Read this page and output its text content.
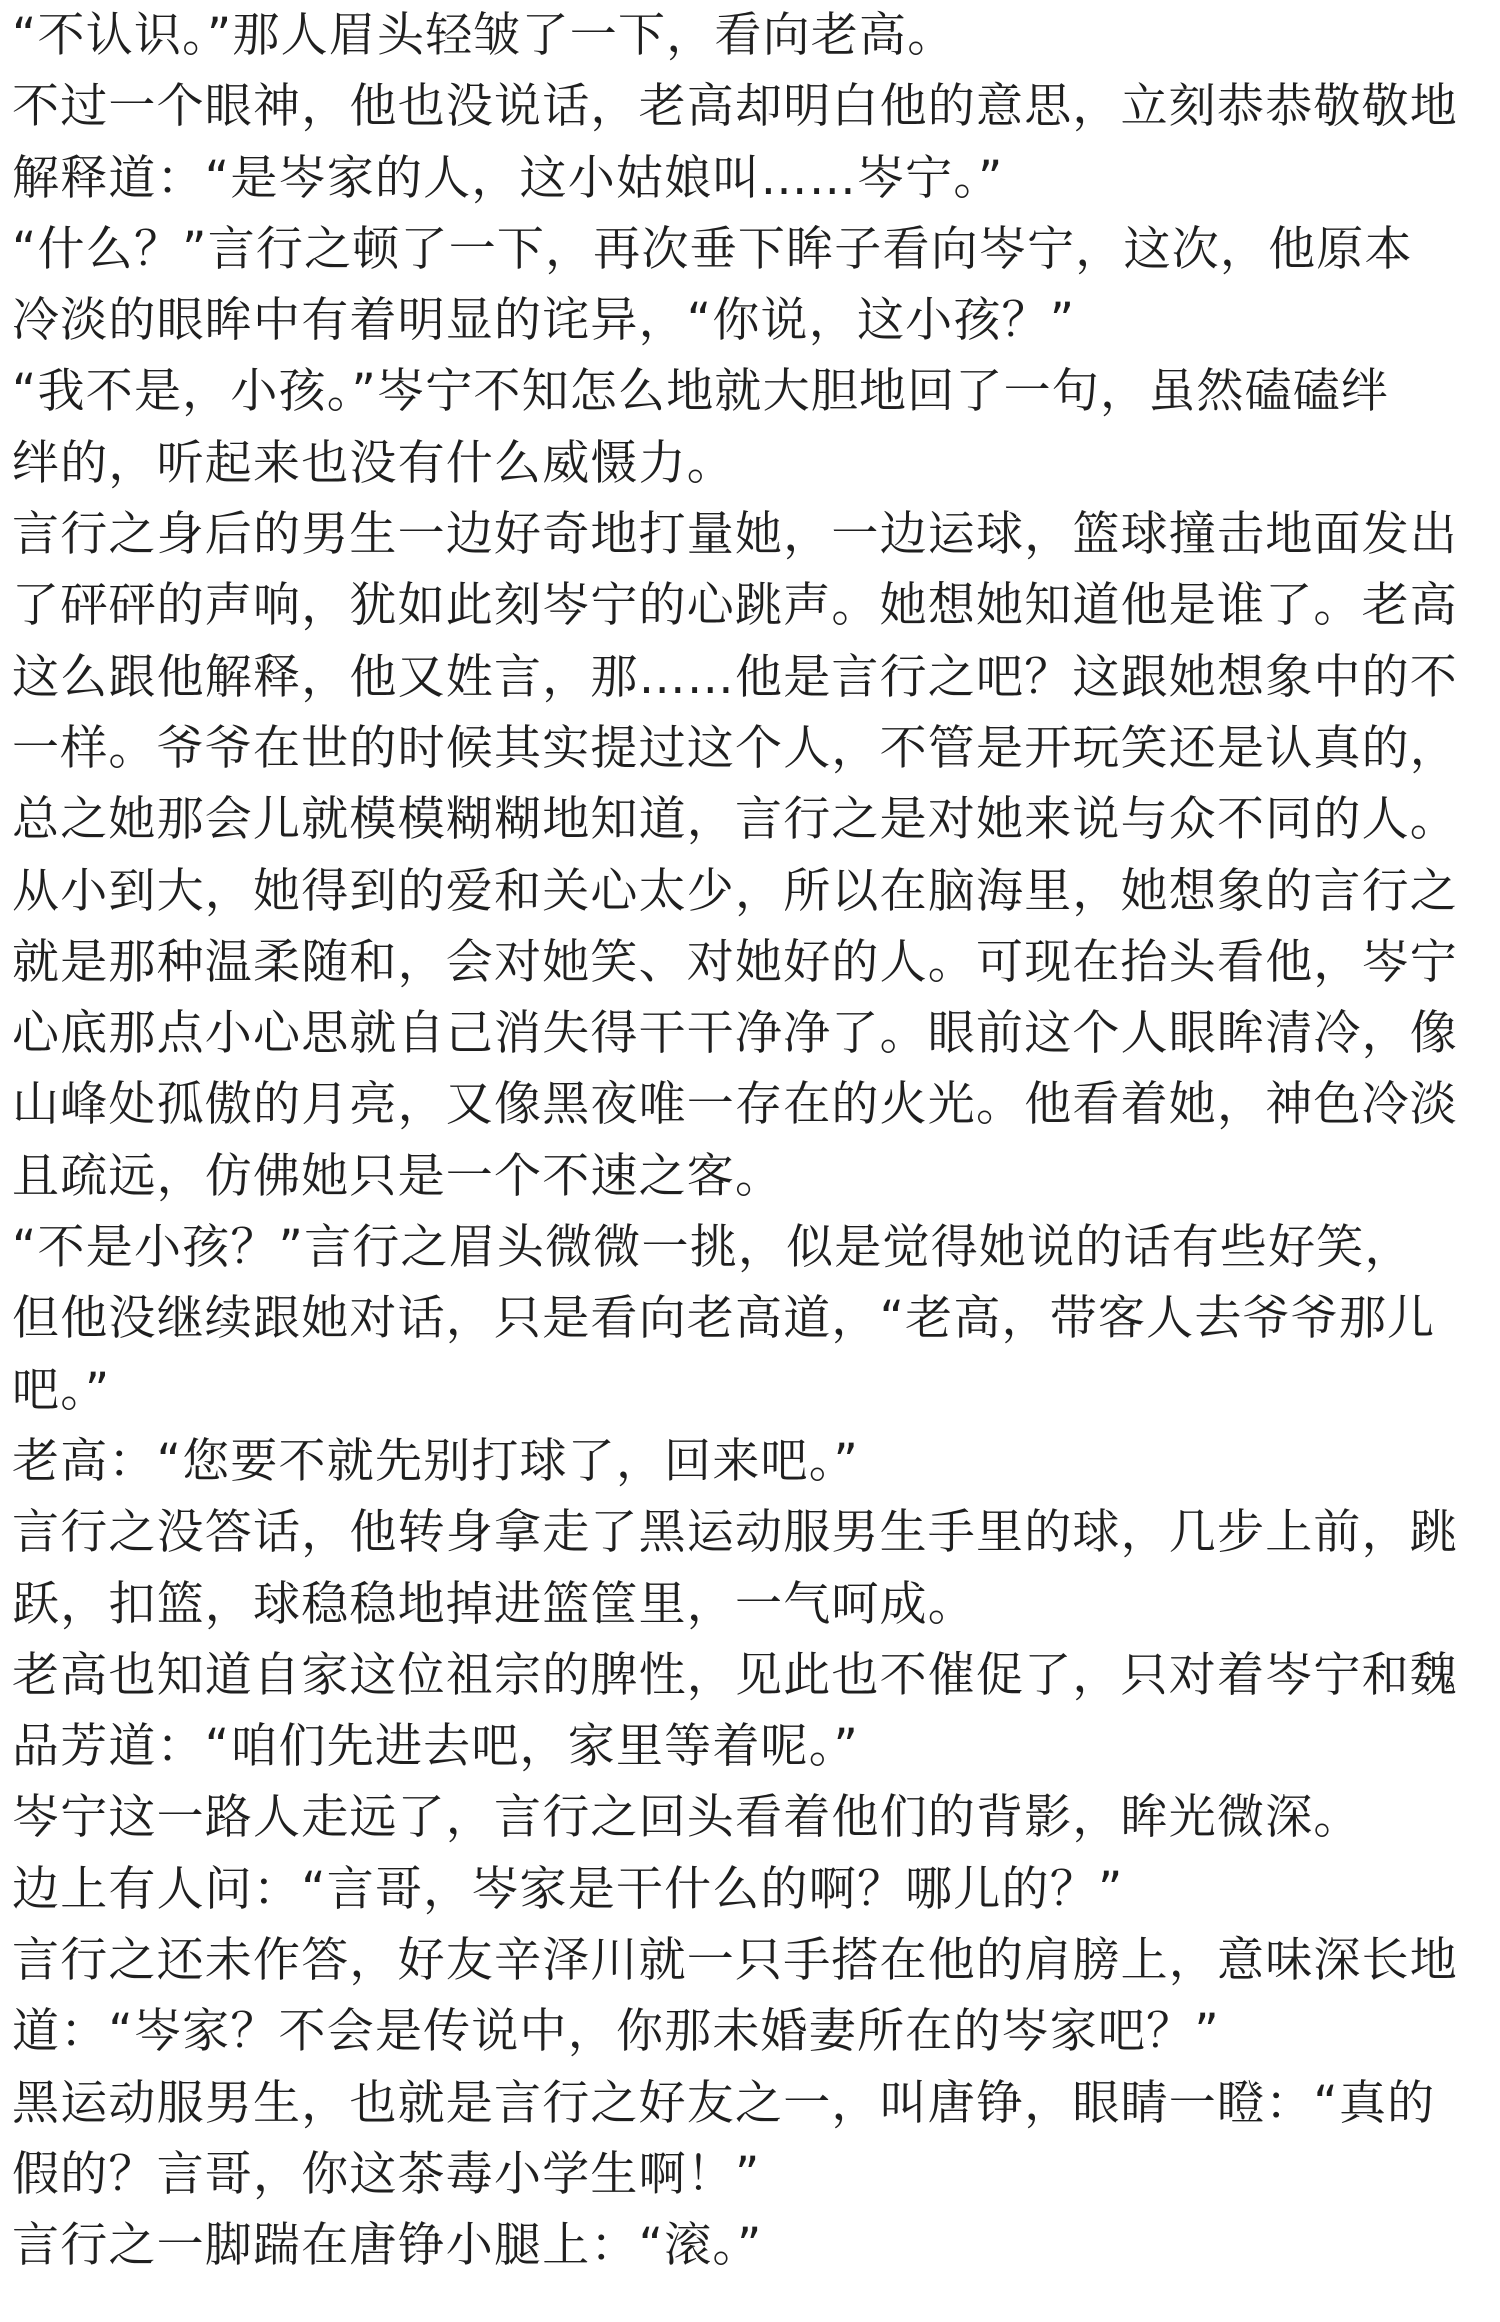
“不认识。”那人眉头轻皱了一下，看向老高。
不过一个眼神，他也没说话，老高却明白他的意思，立刻恭恭敬敬地
解释道：“是岑家的人，这小姑娘叫……岑宁。”
“什么？”言行之顿了一下，再次垂下眸子看向岑宁，这次，他原本
冷淡的眼眸中有着明显的诧异，“你说，这小孩？”
“我不是，小孩。”岑宁不知怎么地就大胆地回了一句，虽然磕磕绊
绊的，听起来也没有什么威慑力。
言行之身后的男生一边好奇地打量她，一边运球，篮球撞击地面发出
了砰砰的声响，犹如此刻岑宁的心跳声。她想她知道他是谁了。老高
这么跟他解释，他又姓言，那……他是言行之吧？这跟她想象中的不
一样。爷爷在世的时候其实提过这个人，不管是开玩笑还是认真的，
总之她那会儿就模模糊糊地知道，言行之是对她来说与众不同的人。
从小到大，她得到的爱和关心太少，所以在脑海里，她想象的言行之
就是那种温柔随和，会对她笑、对她好的人。可现在抬头看他，岑宁
心底那点小心思就自己消失得干干净净了。眼前这个人眼眸清冷，像
山峰处孤傲的月亮，又像黑夜唯一存在的火光。他看着她，神色冷淡
且疏远，仿佛她只是一个不速之客。
“不是小孩？”言行之眉头微微一挑，似是觉得她说的话有些好笑，
但他没继续跟她对话，只是看向老高道，“老高，带客人去爷爷那儿
吧。”
老高：“您要不就先别打球了，回来吧。”
言行之没答话，他转身拿走了黑运动服男生手里的球，几步上前，跳
跃，扣篮，球稳稳地掉进篮筐里，一气呵成。
老高也知道自家这位祖宗的脾性，见此也不催促了，只对着岑宁和魏
品芳道：“咱们先进去吧，家里等着呢。”
岑宁这一路人走远了，言行之回头看着他们的背影，眸光微深。
边上有人问：“言哥，岑家是干什么的啊？哪儿的？”
言行之还未作答，好友辛泽川就一只手搭在他的肩膀上，意味深长地
道：“岑家？不会是传说中，你那未婚妻所在的岑家吧？”
黑运动服男生，也就是言行之好友之一，叫唐铮，眼睛一瞪：“真的
假的？言哥，你这茶毒小学生啊！”
言行之一脚踹在唐铮小腿上：“滚。”
